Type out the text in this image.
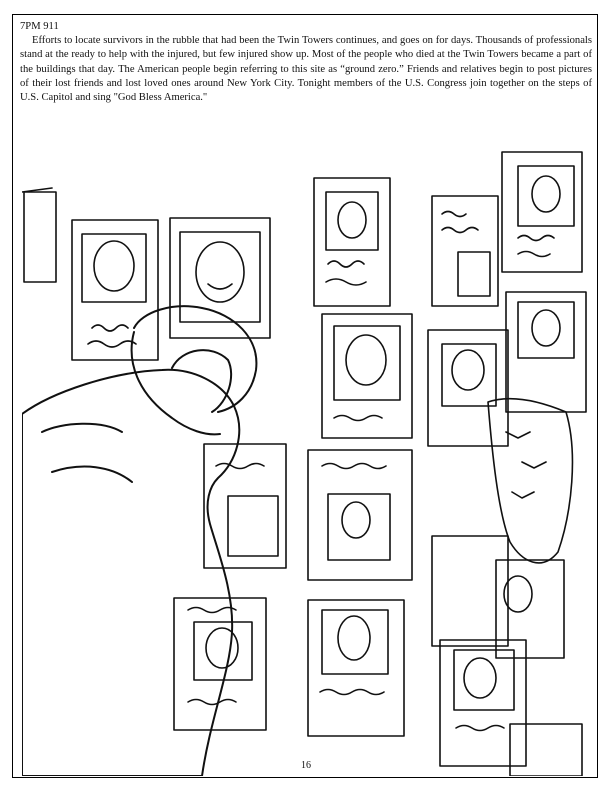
7PM 911

Efforts to locate survivors in the rubble that had been the Twin Towers continues, and goes on for days. Thousands of professionals stand at the ready to help with the injured, but few injured show up. Most of the people who died at the Twin Towers became a part of the buildings that day. The American people begin referring to this site as “ground zero.” Friends and relatives begin to post pictures of their lost friends and lost loved ones around New York City. Tonight members of the U.S. Congress join together on the steps of U.S. Capitol and sing "God Bless America."

16
